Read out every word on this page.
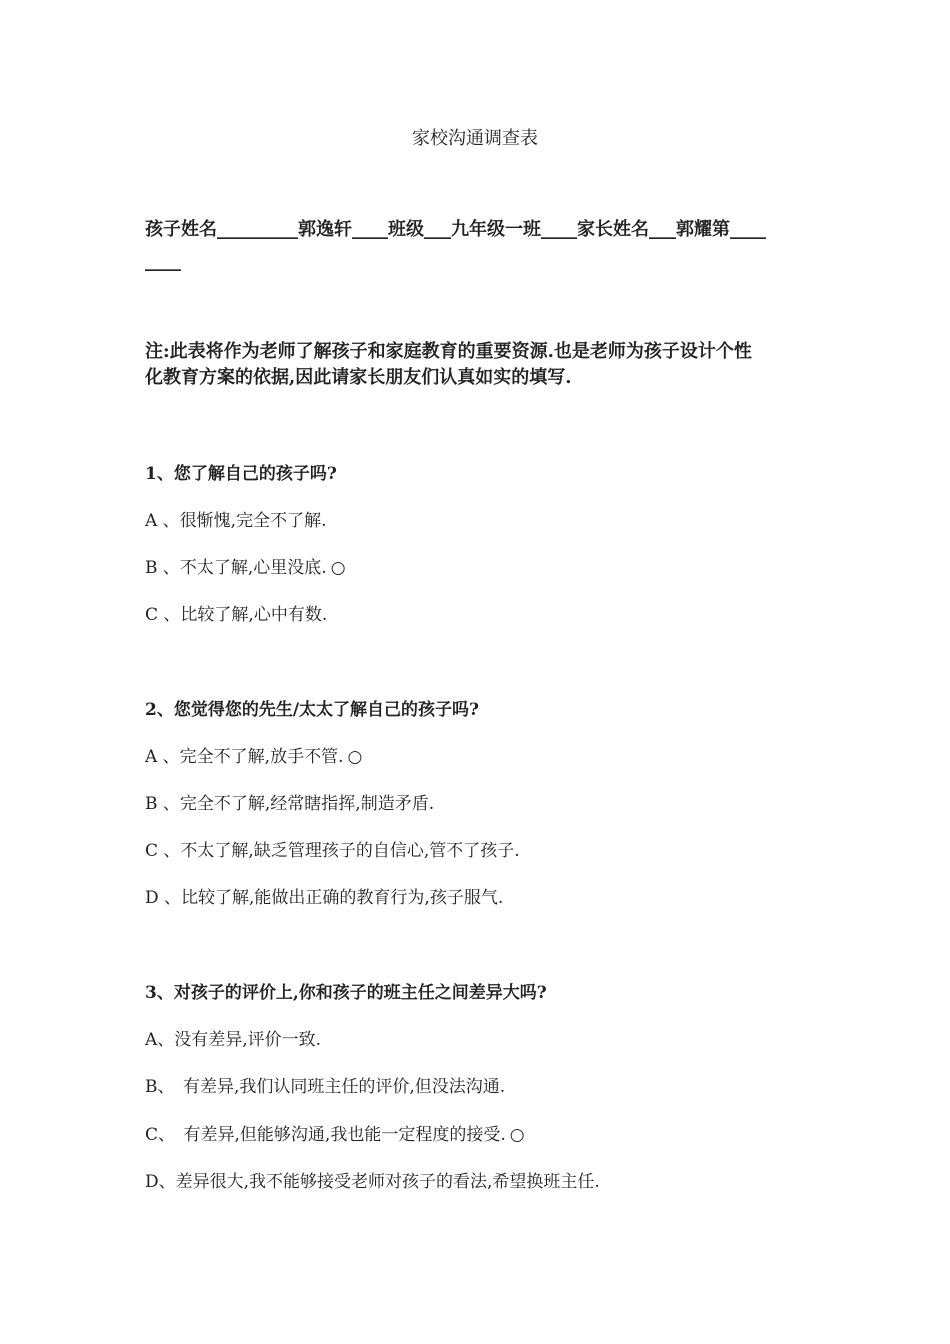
家校沟通调查表
孩子姓名_________郭逸轩____班级___九年级一班____家长姓名___郭耀第____
____
注:此表将作为老师了解孩子和家庭教育的重要资源.也是老师为孩子设计个性
化教育方案的依据,因此请家长朋友们认真如实的填写.
1、您了解自己的孩子吗?
A 、很惭愧,完全不了解.
B 、不太了解,心里没底. ○
C 、比较了解,心中有数.
2、您觉得您的先生/太太了解自己的孩子吗?
A 、完全不了解,放手不管. ○
B 、完全不了解,经常瞎指挥,制造矛盾.
C 、不太了解,缺乏管理孩子的自信心,管不了孩子.
D 、比较了解,能做出正确的教育行为,孩子服气.
3、对孩子的评价上,你和孩子的班主任之间差异大吗?
A、没有差异,评价一致.
B、　有差异,我们认同班主任的评价,但没法沟通.
C、　有差异,但能够沟通,我也能一定程度的接受. ○
D、差异很大,我不能够接受老师对孩子的看法,希望换班主任.
